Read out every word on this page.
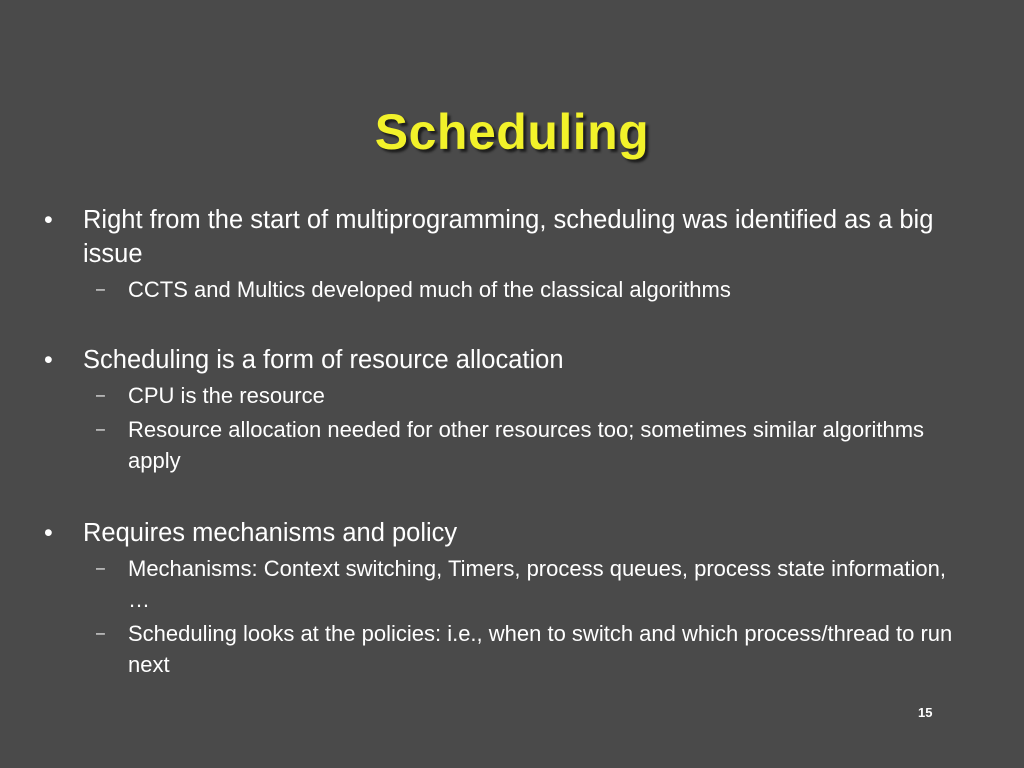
Scheduling
• Right from the start of multiprogramming, scheduling was identified as a big issue
– CCTS and Multics developed much of the classical algorithms
• Scheduling is a form of resource allocation
– CPU is the resource
– Resource allocation needed for other resources too; sometimes similar algorithms apply
• Requires mechanisms and policy
– Mechanisms: Context switching, Timers, process queues, process state information, …
– Scheduling looks at the policies: i.e., when to switch and which process/thread to run next
15
